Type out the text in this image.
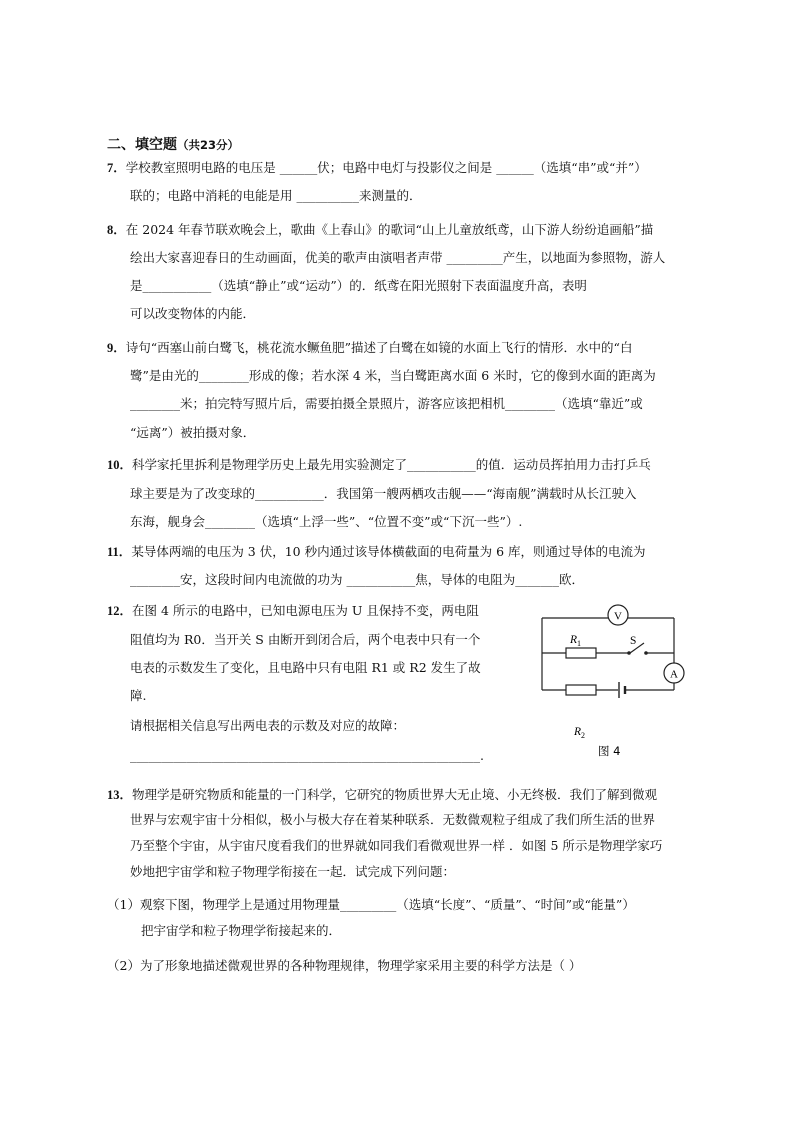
二、填空题（共23分）
7．学校教室照明电路的电压是 ______伏；电路中电灯与投影仪之间是 ______（选填“串”或“并”）
联的；电路中消耗的电能是用 __________来测量的．
8．在 2024 年春节联欢晚会上，歌曲《上春山》的歌词“山上儿童放纸鸢，山下游人纷纷追画船”描
绘出大家喜迎春日的生动画面，优美的歌声由演唱者声带 _________产生，以地面为参照物，游人
是___________（选填“静止”或“运动”）的．纸鸢在阳光照射下表面温度升高，表明
可以改变物体的内能．
9．诗句“西塞山前白鹭飞，桃花流水鳜鱼肥”描述了白鹭在如镜的水面上飞行的情形．水中的“白
鹭”是由光的________形成的像；若水深 4 米，当白鹭距离水面 6 米时，它的像到水面的距离为
________米；拍完特写照片后，需要拍摄全景照片，游客应该把相机________（选填“靠近”或
“远离”）被拍摄对象．
10．科学家托里拆利是物理学历史上最先用实验测定了___________的值．运动员挥拍用力击打乒乓
球主要是为了改变球的___________．我国第一艘两栖攻击舰——“海南舰”满载时从长江驶入
东海，舰身会________（选填“上浮一些”、“位置不变”或“下沉一些”）.
11．某导体两端的电压为 3 伏，10 秒内通过该导体横截面的电荷量为 6 库，则通过导体的电流为
________安，这段时间内电流做的功为 ___________焦，导体的电阻为_______欧．
12．在图 4 所示的电路中，已知电源电压为 U 且保持不变，两电阻
阻值均为 R0．当开关 S 由断开到闭合后，两个电表中只有一个
电表的示数发生了变化，且电路中只有电阻 R1 或 R2 发生了故
障.
请根据相关信息写出两电表的示数及对应的故障：
________________________________________________________.
V
A
$R_1$	S
$R_2$
图 4
13．物理学是研究物质和能量的一门科学，它研究的物质世界大无止境、小无终极．我们了解到微观
世界与宏观宇宙十分相似，极小与极大存在着某种联系．无数微观粒子组成了我们所生活的世界
乃至整个宇宙，从宇宙尺度看我们的世界就如同我们看微观世界一样 ．如图 5 所示是物理学家巧
妙地把宇宙学和粒子物理学衔接在一起．试完成下列问题：
（1）观察下图，物理学上是通过用物理量_________（选填“长度”、“质量”、“时间”或“能量”）
把宇宙学和粒子物理学衔接起来的．
（2）为了形象地描述微观世界的各种物理规律，物理学家采用主要的科学方法是（ ）
